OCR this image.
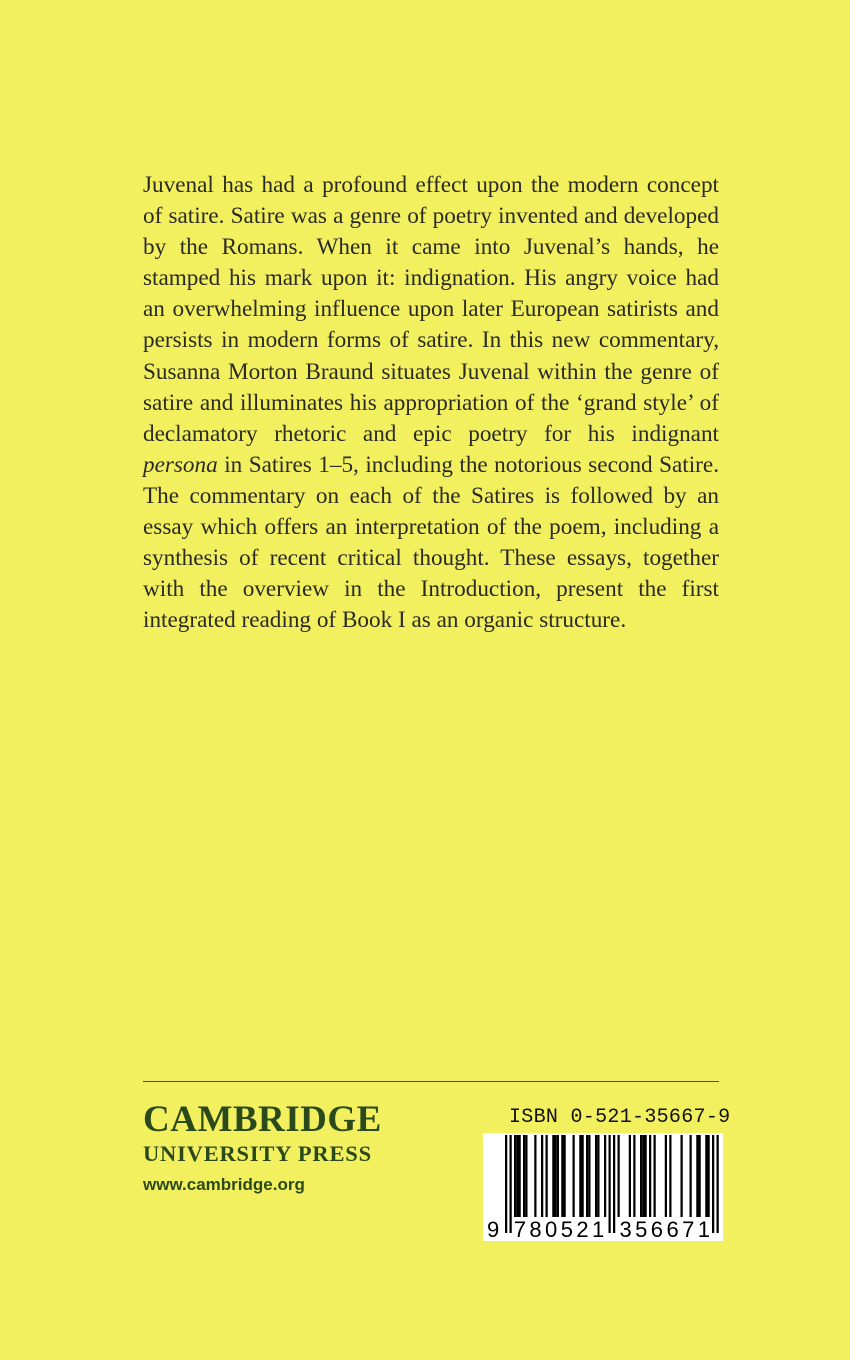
Juvenal has had a profound effect upon the modern concept of satire. Satire was a genre of poetry invented and developed by the Romans. When it came into Juvenal’s hands, he stamped his mark upon it: indignation. His angry voice had an overwhelming influence upon later European satirists and persists in modern forms of satire. In this new commentary, Susanna Morton Braund situates Juvenal within the genre of satire and illuminates his appropriation of the ‘grand style’ of declamatory rhetoric and epic poetry for his indignant persona in Satires 1–5, including the notorious second Satire. The commentary on each of the Satires is followed by an essay which offers an interpretation of the poem, including a synthesis of recent critical thought. These essays, together with the overview in the Introduction, present the first integrated reading of Book I as an organic structure.

CAMBRIDGE
UNIVERSITY PRESS
www.cambridge.org
ISBN 0-521-35667-9
9 780521 356671
